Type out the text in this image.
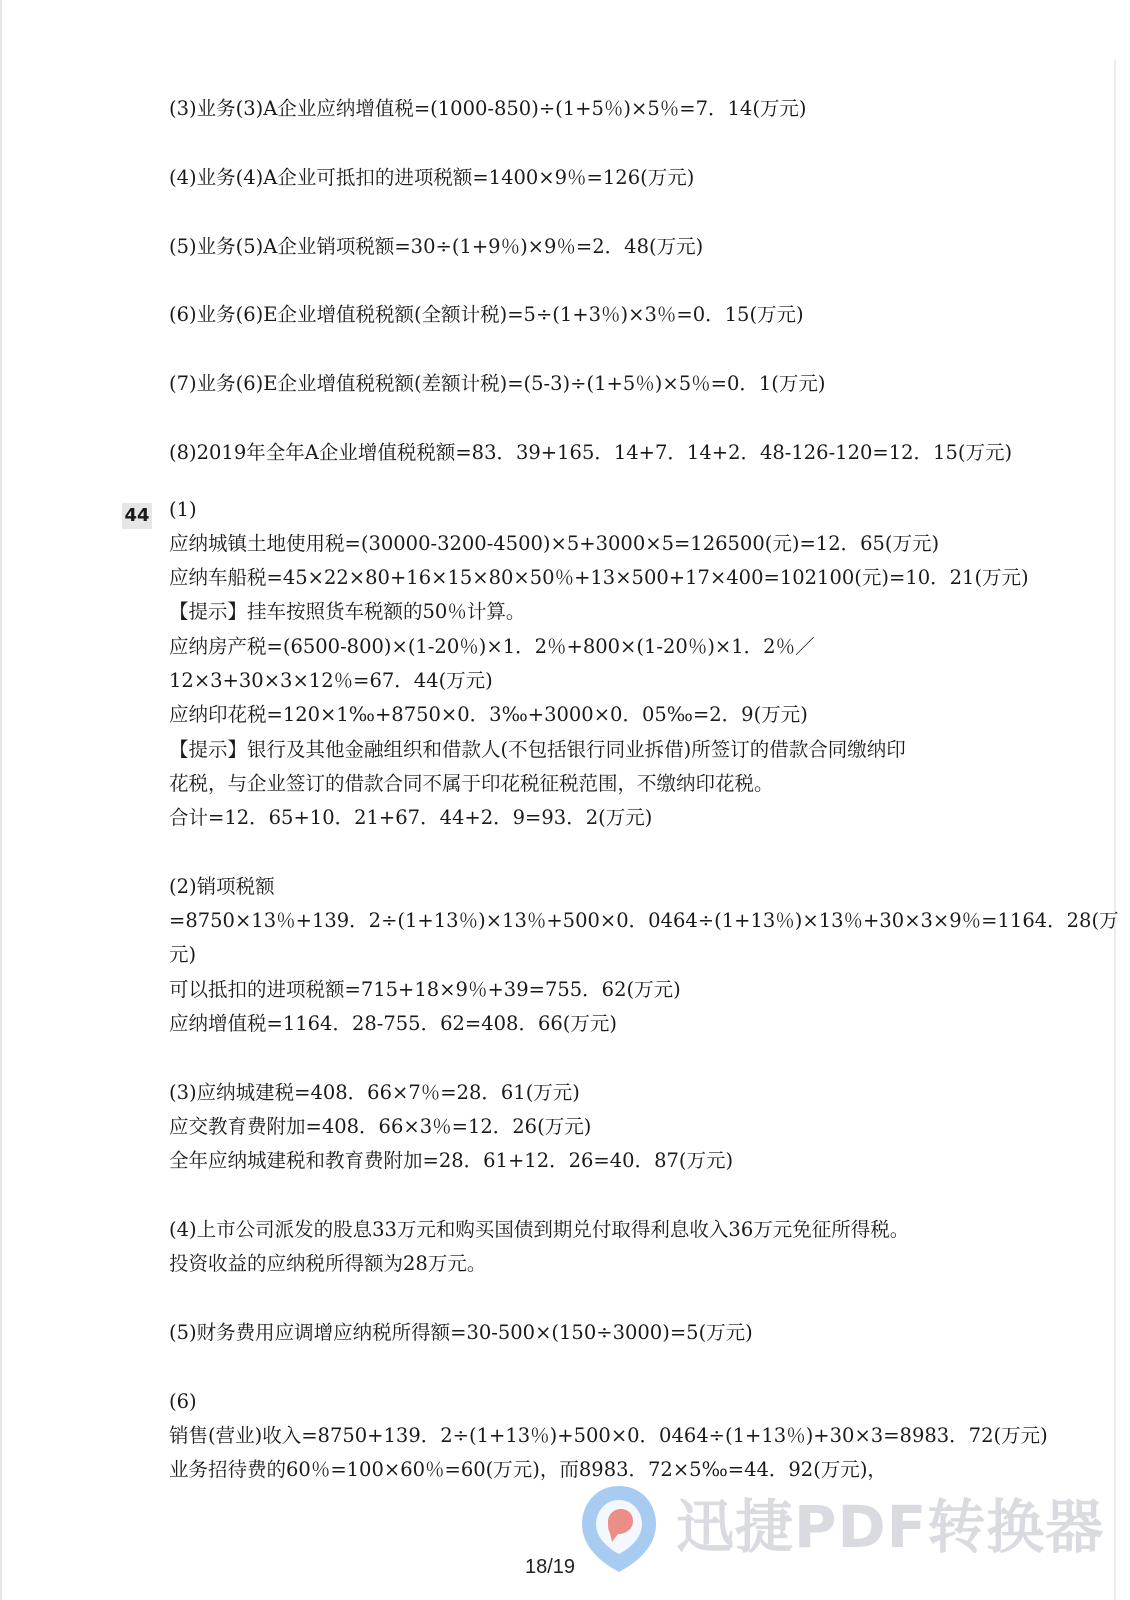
(3)业务(3)A企业应纳增值税=(1000-850)÷(1+5％)×5％=7．14(万元)
(4)业务(4)A企业可抵扣的进项税额=1400×9％=126(万元)
(5)业务(5)A企业销项税额=30÷(1+9％)×9％=2．48(万元)
(6)业务(6)E企业增值税税额(全额计税)=5÷(1+3％)×3％=0．15(万元)
(7)业务(6)E企业增值税税额(差额计税)=(5-3)÷(1+5％)×5％=0．1(万元)
(8)2019年全年A企业增值税税额=83．39+165．14+7．14+2．48-126-120=12．15(万元)
44 (1)
应纳城镇土地使用税=(30000-3200-4500)×5+3000×5=126500(元)=12．65(万元)
应纳车船税=45×22×80+16×15×80×50％+13×500+17×400=102100(元)=10．21(万元)
【提示】挂车按照货车税额的50％计算。
应纳房产税=(6500-800)×(1-20％)×1．2％+800×(1-20％)×1．2％／
12×3+30×3×12％=67．44(万元)
应纳印花税=120×1‰+8750×0．3‰+3000×0．05‰=2．9(万元)
【提示】银行及其他金融组织和借款人(不包括银行同业拆借)所签订的借款合同缴纳印
花税，与企业签订的借款合同不属于印花税征税范围，不缴纳印花税。
合计=12．65+10．21+67．44+2．9=93．2(万元)
(2)销项税额
=8750×13％+139．2÷(1+13％)×13％+500×0．0464÷(1+13％)×13％+30×3×9％=1164．28(万
元)
可以抵扣的进项税额=715+18×9％+39=755．62(万元)
应纳增值税=1164．28-755．62=408．66(万元)
(3)应纳城建税=408．66×7％=28．61(万元)
应交教育费附加=408．66×3％=12．26(万元)
全年应纳城建税和教育费附加=28．61+12．26=40．87(万元)
(4)上市公司派发的股息33万元和购买国债到期兑付取得利息收入36万元免征所得税。
投资收益的应纳税所得额为28万元。
(5)财务费用应调增应纳税所得额=30-500×(150÷3000)=5(万元)
(6)
销售(营业)收入=8750+139．2÷(1+13％)+500×0．0464÷(1+13％)+30×3=8983．72(万元)
业务招待费的60％=100×60％=60(万元)，而8983．72×5‰=44．92(万元)，
迅捷PDF转换器
18/19
